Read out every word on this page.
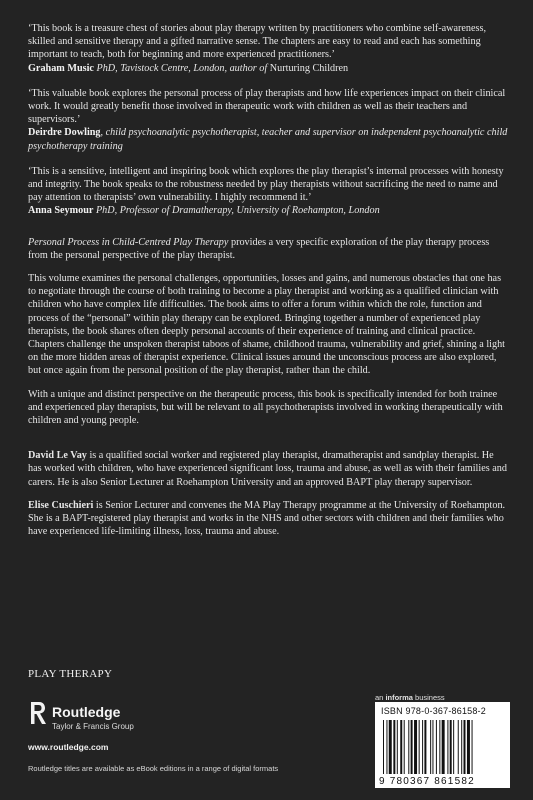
‘This book is a treasure chest of stories about play therapy written by practitioners who combine self-awareness, skilled and sensitive therapy and a gifted narrative sense. The chapters are easy to read and each has something important to teach, both for beginning and more experienced practitioners.’

Graham Music PhD, Tavistock Centre, London, author of Nurturing Children

‘This valuable book explores the personal process of play therapists and how life experiences impact on their clinical work. It would greatly benefit those involved in therapeutic work with children as well as their teachers and supervisors.’

Deirdre Dowling, child psychoanalytic psychotherapist, teacher and supervisor on independent psychoanalytic child psychotherapy training

‘This is a sensitive, intelligent and inspiring book which explores the play therapist’s internal processes with honesty and integrity. The book speaks to the robustness needed by play therapists without sacrificing the need to name and pay attention to therapists’ own vulnerability. I highly recommend it.’

Anna Seymour PhD, Professor of Dramatherapy, University of Roehampton, London

Personal Process in Child-Centred Play Therapy provides a very specific exploration of the play therapy process from the personal perspective of the play therapist.

This volume examines the personal challenges, opportunities, losses and gains, and numerous obstacles that one has to negotiate through the course of both training to become a play therapist and working as a qualified clinician with children who have complex life difficulties. The book aims to offer a forum within which the role, function and process of the “personal” within play therapy can be explored. Bringing together a number of experienced play therapists, the book shares often deeply personal accounts of their experience of training and clinical practice. Chapters challenge the unspoken therapist taboos of shame, childhood trauma, vulnerability and grief, shining a light on the more hidden areas of therapist experience. Clinical issues around the unconscious process are also explored, but once again from the personal position of the play therapist, rather than the child.

With a unique and distinct perspective on the therapeutic process, this book is specifically intended for both trainee and experienced play therapists, but will be relevant to all psychotherapists involved in working therapeutically with children and young people.

David Le Vay is a qualified social worker and registered play therapist, dramatherapist and sandplay therapist. He has worked with children, who have experienced significant loss, trauma and abuse, as well as with their families and carers. He is also Senior Lecturer at Roehampton University and an approved BAPT play therapy supervisor.

Elise Cuschieri is Senior Lecturer and convenes the MA Play Therapy programme at the University of Roehampton. She is a BAPT-registered play therapist and works in the NHS and other sectors with children and their families who have experienced life-limiting illness, loss, trauma and abuse.

PLAY THERAPY
Routledge
Taylor & Francis Group
www.routledge.com
Routledge titles are available as eBook editions in a range of digital formats
an informa business
ISBN 978-0-367-86158-2
9 780367 861582
